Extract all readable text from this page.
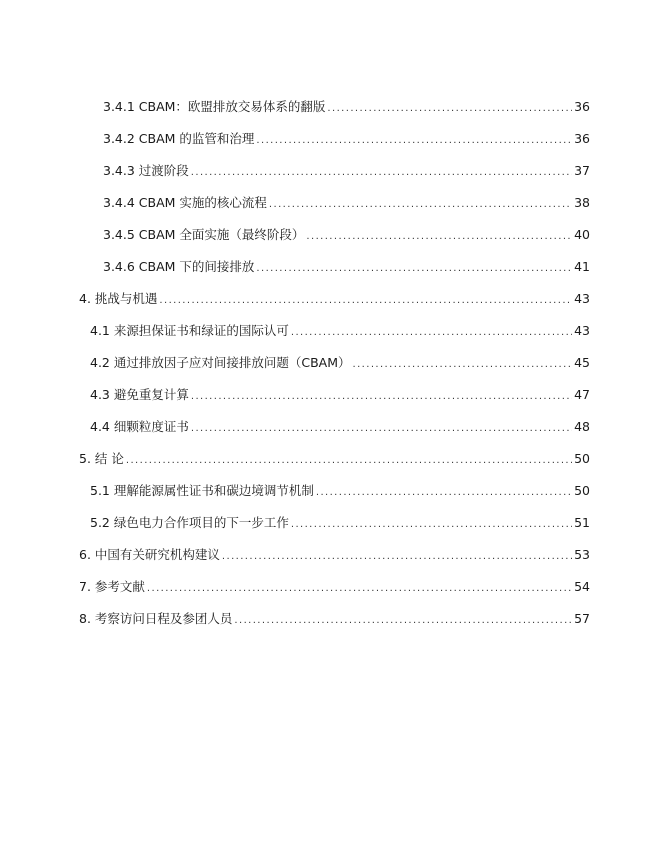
3.4.1 CBAM：欧盟排放交易体系的翻版 .....	36
3.4.2 CBAM 的监管和治理 .....	36
3.4.3 过渡阶段 .....	37
3.4.4 CBAM 实施的核心流程 .....	38
3.4.5 CBAM 全面实施（最终阶段） .....	40
3.4.6 CBAM 下的间接排放 .....	41
4. 挑战与机遇 .....	43
4.1 来源担保证书和绿证的国际认可 .....	43
4.2 通过排放因子应对间接排放问题（CBAM） .....	45
4.3 避免重复计算 .....	47
4.4 细颗粒度证书 .....	48
5. 结 论 .....	50
5.1 理解能源属性证书和碳边境调节机制 .....	50
5.2 绿色电力合作项目的下一步工作 .....	51
6. 中国有关研究机构建议 .....	53
7. 参考文献 .....	54
8. 考察访问日程及参团人员 .....	57
